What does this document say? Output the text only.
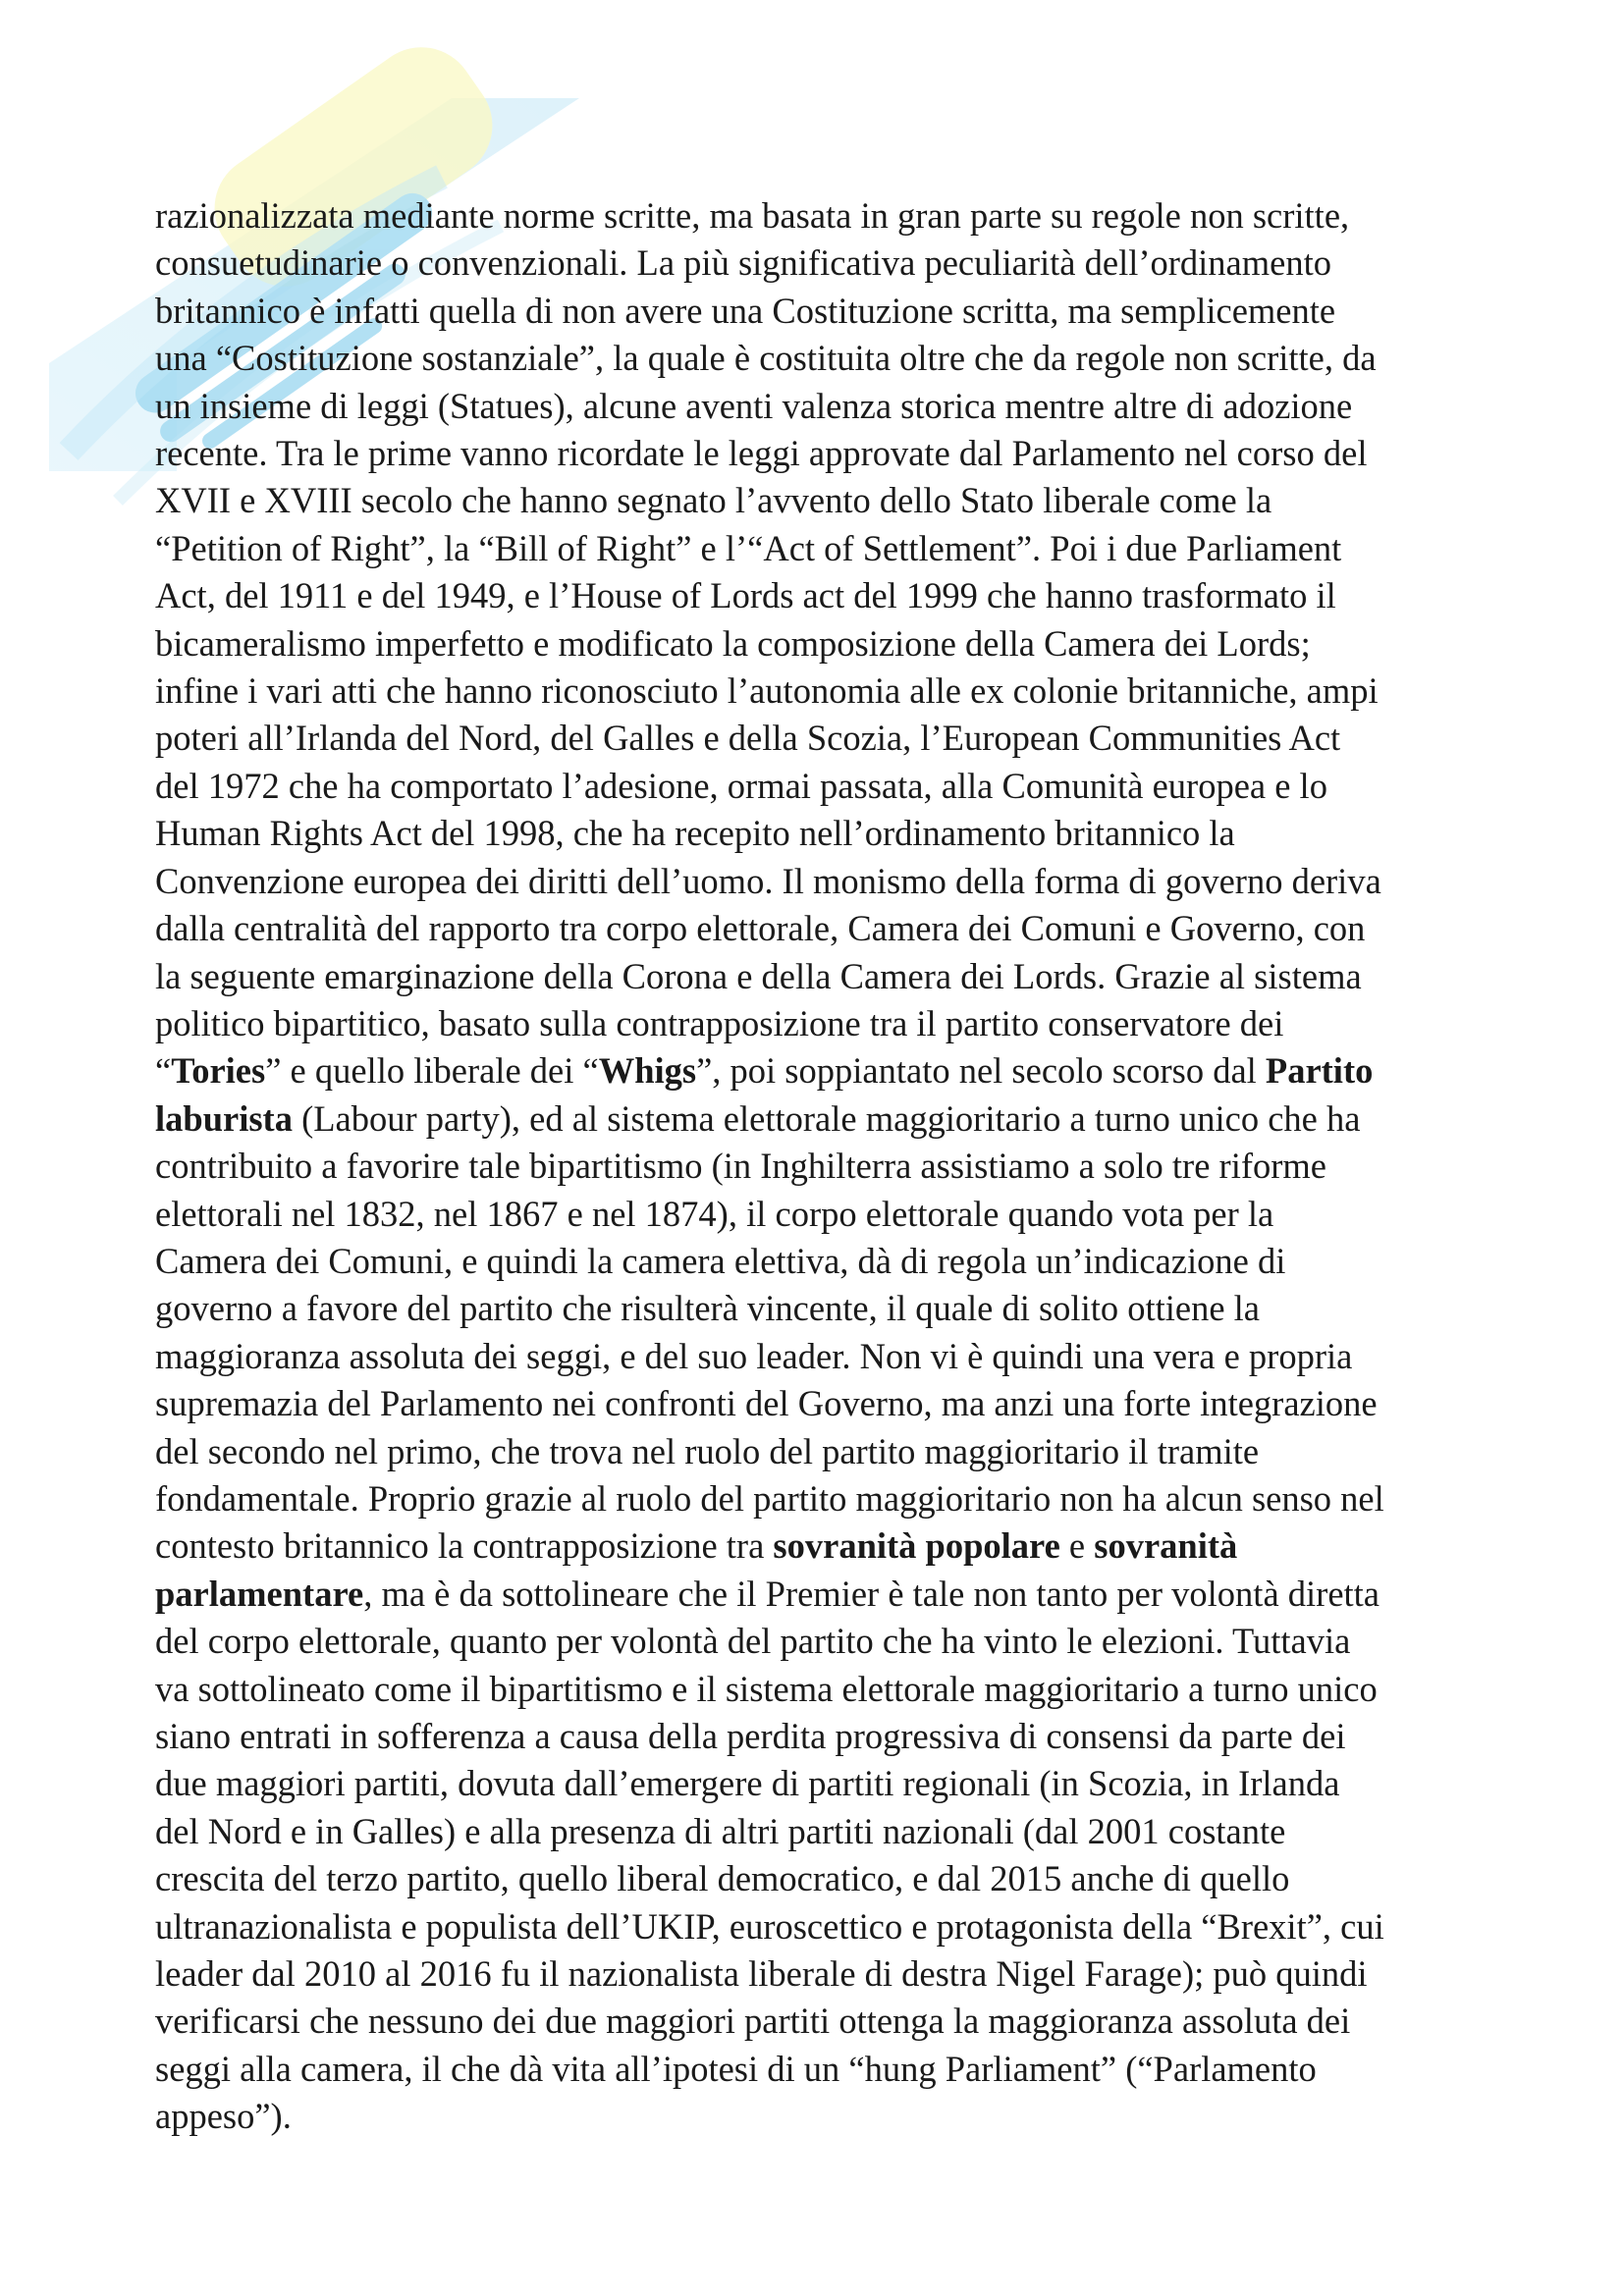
razionalizzata mediante norme scritte, ma basata in gran parte su regole non scritte,
consuetudinarie o convenzionali. La più significativa peculiarità dell’ordinamento
britannico è infatti quella di non avere una Costituzione scritta, ma semplicemente
una “Costituzione sostanziale”, la quale è costituita oltre che da regole non scritte, da
un insieme di leggi (Statues), alcune aventi valenza storica mentre altre di adozione
recente. Tra le prime vanno ricordate le leggi approvate dal Parlamento nel corso del
XVII e XVIII secolo che hanno segnato l’avvento dello Stato liberale come la
“Petition of Right”, la “Bill of Right” e l’“Act of Settlement”. Poi i due Parliament
Act, del 1911 e del 1949, e l’House of Lords act del 1999 che hanno trasformato il
bicameralismo imperfetto e modificato la composizione della Camera dei Lords;
infine i vari atti che hanno riconosciuto l’autonomia alle ex colonie britanniche, ampi
poteri all’Irlanda del Nord, del Galles e della Scozia, l’European Communities Act
del 1972 che ha comportato l’adesione, ormai passata, alla Comunità europea e lo
Human Rights Act del 1998, che ha recepito nell’ordinamento britannico la
Convenzione europea dei diritti dell’uomo. Il monismo della forma di governo deriva
dalla centralità del rapporto tra corpo elettorale, Camera dei Comuni e Governo, con
la seguente emarginazione della Corona e della Camera dei Lords. Grazie al sistema
politico bipartitico, basato sulla contrapposizione tra il partito conservatore dei
“Tories” e quello liberale dei “Whigs”, poi soppiantato nel secolo scorso dal Partito
laburista (Labour party), ed al sistema elettorale maggioritario a turno unico che ha
contribuito a favorire tale bipartitismo (in Inghilterra assistiamo a solo tre riforme
elettorali nel 1832, nel 1867 e nel 1874), il corpo elettorale quando vota per la
Camera dei Comuni, e quindi la camera elettiva, dà di regola un’indicazione di
governo a favore del partito che risulterà vincente, il quale di solito ottiene la
maggioranza assoluta dei seggi, e del suo leader. Non vi è quindi una vera e propria
supremazia del Parlamento nei confronti del Governo, ma anzi una forte integrazione
del secondo nel primo, che trova nel ruolo del partito maggioritario il tramite
fondamentale. Proprio grazie al ruolo del partito maggioritario non ha alcun senso nel
contesto britannico la contrapposizione tra sovranità popolare e sovranità
parlamentare, ma è da sottolineare che il Premier è tale non tanto per volontà diretta
del corpo elettorale, quanto per volontà del partito che ha vinto le elezioni. Tuttavia
va sottolineato come il bipartitismo e il sistema elettorale maggioritario a turno unico
siano entrati in sofferenza a causa della perdita progressiva di consensi da parte dei
due maggiori partiti, dovuta dall’emergere di partiti regionali (in Scozia, in Irlanda
del Nord e in Galles) e alla presenza di altri partiti nazionali (dal 2001 costante
crescita del terzo partito, quello liberal democratico, e dal 2015 anche di quello
ultranazionalista e populista dell’UKIP, euroscettico e protagonista della “Brexit”, cui
leader dal 2010 al 2016 fu il nazionalista liberale di destra Nigel Farage); può quindi
verificarsi che nessuno dei due maggiori partiti ottenga la maggioranza assoluta dei
seggi alla camera, il che dà vita all’ipotesi di un “hung Parliament” (“Parlamento
appeso”).
